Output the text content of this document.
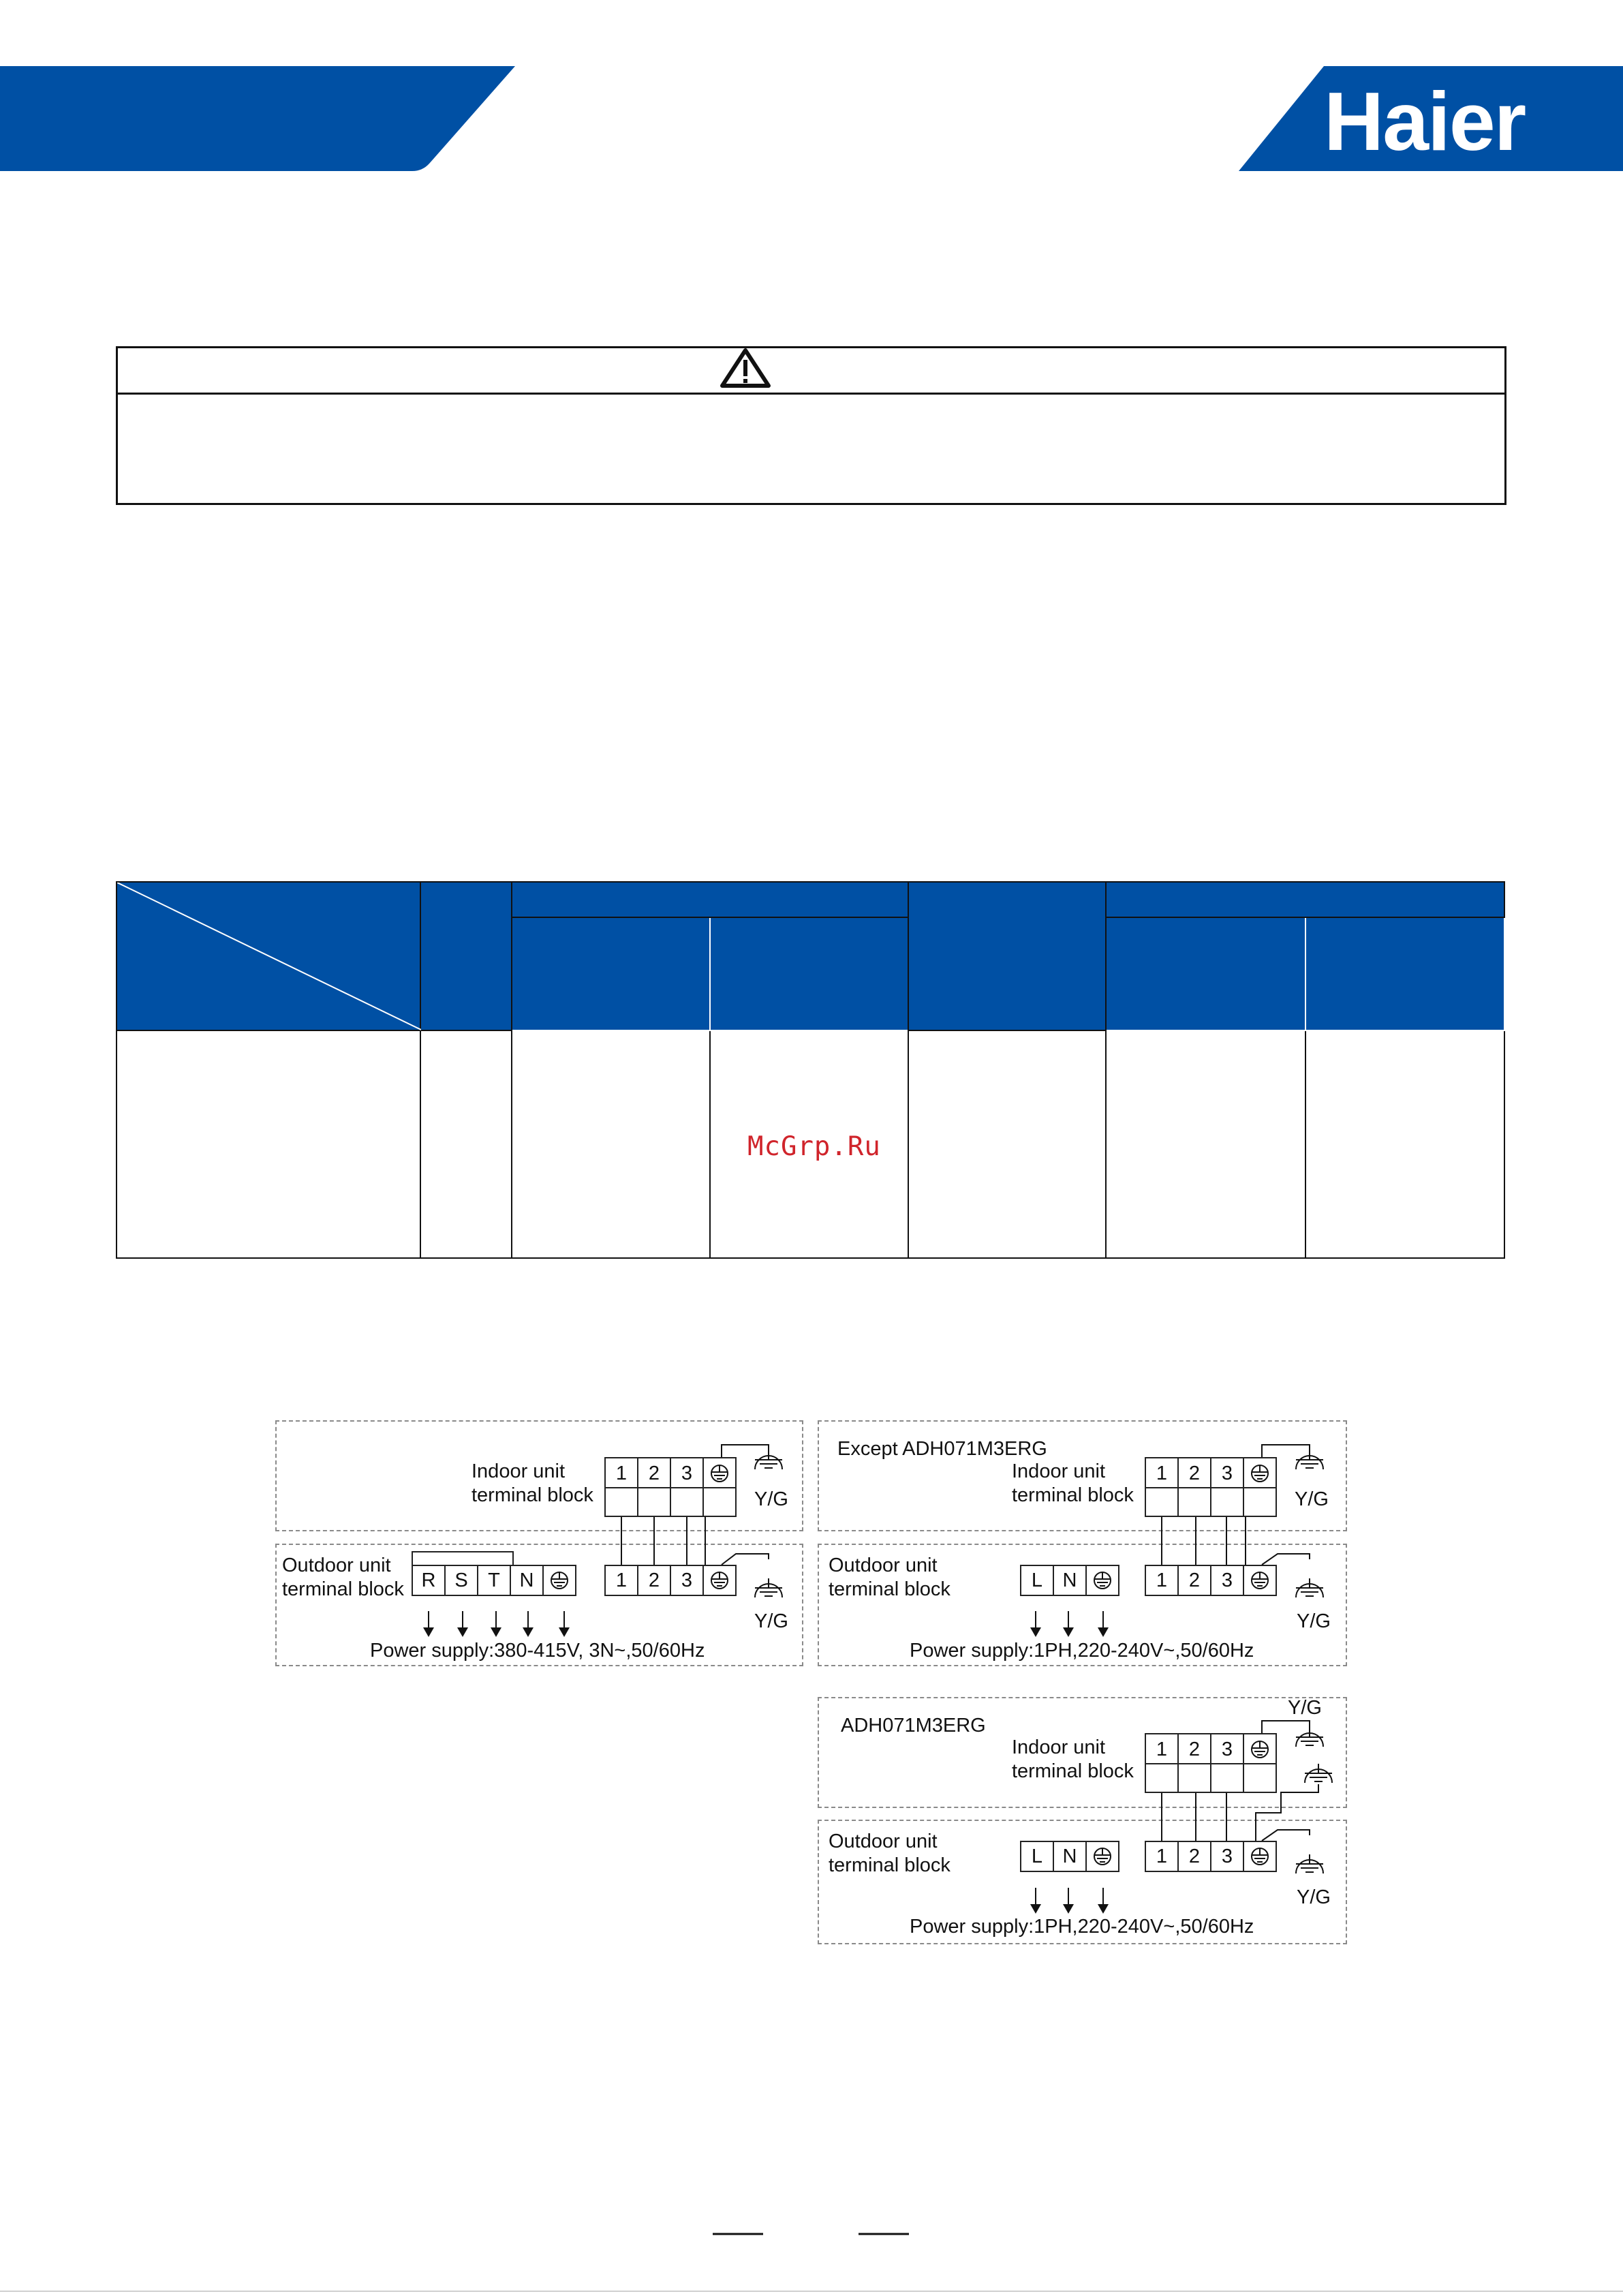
Haier

McGrp.Ru
Indoor unit
terminal block
1	2	3
Y/G
Outdoor unit
terminal block R S	T N	1	2	3
Y/G
Power supply:380-415V, 3N~,50/60Hz
Except ADH071M3ERG
Indoor unit
terminal block
1	2	3
Y/G
Outdoor unit
terminal block	L	N	1	2	3
Y/G
Power supply:1PH,220-240V~,50/60Hz
ADH071M3ERG
Indoor unit
terminal block
1	2	3
Y/G
Outdoor unit
terminal block	L	N	1	2	3
Y/G
Power supply:1PH,220-240V~,50/60Hz
